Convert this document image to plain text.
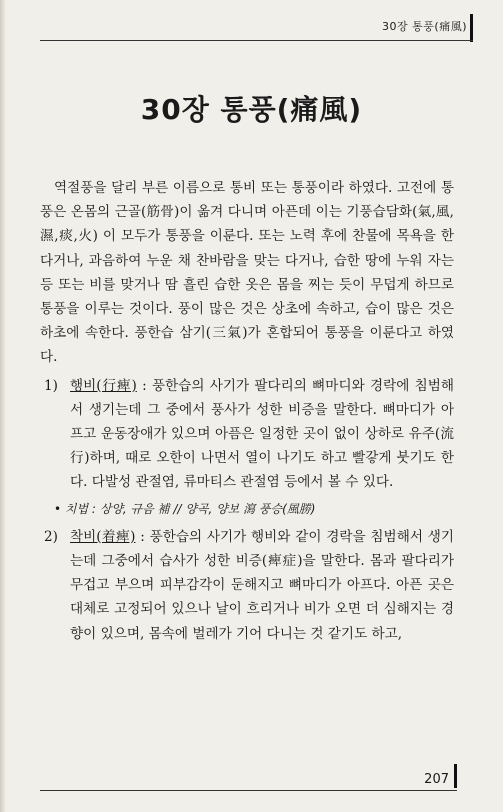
30장 통풍(痛風)
30장 통풍(痛風)

역절풍을 달리 부른 이름으로 통비 또는 통풍이라 하였다. 고전에 통풍은 온몸의 근골(筋骨)이 옮겨 다니며 아픈데 이는 기풍습담화(氣,風,濕,痰,火) 이 모두가 통풍을 이룬다. 또는 노력 후에 찬물에 목욕을 한다거나, 과음하여 누운 채 찬바람을 맞는 다거나, 습한 땅에 누워 자는 등 또는 비를 맞거나 땀 흘린 습한 옷은 몸을 찌는 듯이 무덥게 하므로 통풍을 이루는 것이다. 풍이 많은 것은 상초에 속하고, 습이 많은 것은 하초에 속한다. 풍한습 삼기(三氣)가 혼합되어 통풍을 이룬다고 하였다.

1) 행비(行痺) : 풍한습의 사기가 팔다리의 뼈마디와 경락에 침범해서 생기는데 그 중에서 풍사가 성한 비증을 말한다. 뼈마디가 아프고 운동장애가 있으며 아픔은 일정한 곳이 없이 상하로 유주(流行)하며, 때로 오한이 나면서 열이 나기도 하고 빨갛게 붓기도 한다. 다발성 관절염, 류마티스 관절염 등에서 볼 수 있다.
• 치법 : 상양, 규음 補 // 양곡, 양보 瀉 풍승(風勝)
2) 착비(着痺) : 풍한습의 사기가 행비와 같이 경락을 침범해서 생기는데 그중에서 습사가 성한 비증(痺症)을 말한다. 몸과 팔다리가 무겁고 부으며 피부감각이 둔해지고 뼈마디가 아프다. 아픈 곳은 대체로 고정되어 있으나 날이 흐리거나 비가 오면 더 심해지는 경향이 있으며, 몸속에 벌레가 기어 다니는 것 같기도 하고,
207
